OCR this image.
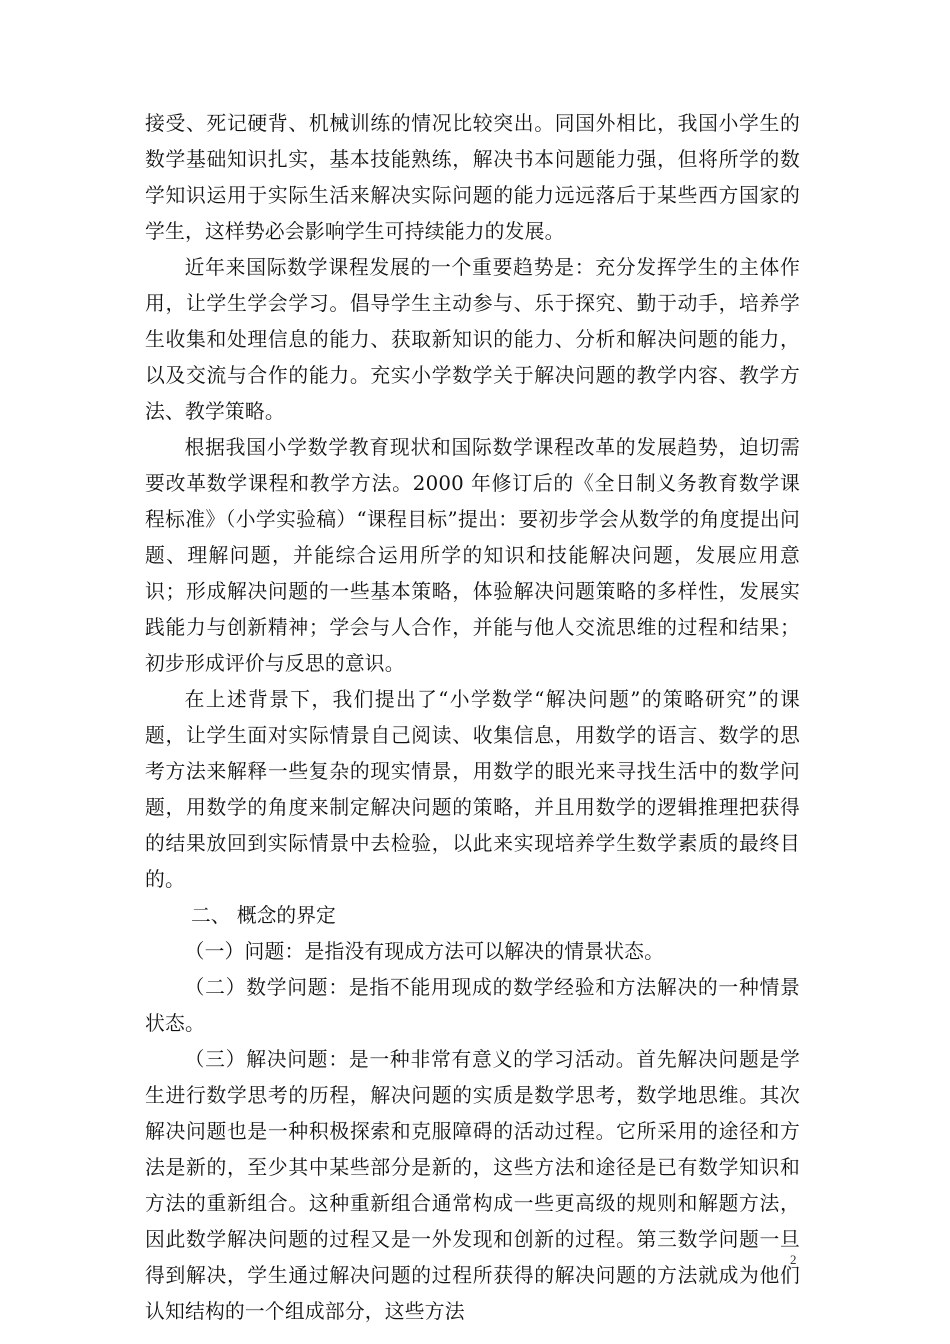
接受、死记硬背、机械训练的情况比较突出。同国外相比，我国小学生的数学基础知识扎实，基本技能熟练，解决书本问题能力强，但将所学的数学知识运用于实际生活来解决实际问题的能力远远落后于某些西方国家的学生，这样势必会影响学生可持续能力的发展。

近年来国际数学课程发展的一个重要趋势是：充分发挥学生的主体作用，让学生学会学习。倡导学生主动参与、乐于探究、勤于动手，培养学生收集和处理信息的能力、获取新知识的能力、分析和解决问题的能力，以及交流与合作的能力。充实小学数学关于解决问题的教学内容、教学方法、教学策略。

根据我国小学数学教育现状和国际数学课程改革的发展趋势，迫切需要改革数学课程和教学方法。2000 年修订后的《全日制义务教育数学课程标准》（小学实验稿）“课程目标”提出：要初步学会从数学的角度提出问题、理解问题，并能综合运用所学的知识和技能解决问题，发展应用意识；形成解决问题的一些基本策略，体验解决问题策略的多样性，发展实践能力与创新精神；学会与人合作，并能与他人交流思维的过程和结果；初步形成评价与反思的意识。

在上述背景下，我们提出了“小学数学“解决问题”的策略研究”的课题，让学生面对实际情景自己阅读、收集信息，用数学的语言、数学的思考方法来解释一些复杂的现实情景，用数学的眼光来寻找生活中的数学问题，用数学的角度来制定解决问题的策略，并且用数学的逻辑推理把获得的结果放回到实际情景中去检验，以此来实现培养学生数学素质的最终目的。

二、 概念的界定

（一）问题：是指没有现成方法可以解决的情景状态。

（二）数学问题：是指不能用现成的数学经验和方法解决的一种情景状态。

（三）解决问题：是一种非常有意义的学习活动。首先解决问题是学生进行数学思考的历程，解决问题的实质是数学思考，数学地思维。其次解决问题也是一种积极探索和克服障碍的活动过程。它所采用的途径和方法是新的，至少其中某些部分是新的，这些方法和途径是已有数学知识和方法的重新组合。这种重新组合通常构成一些更高级的规则和解题方法，因此数学解决问题的过程又是一外发现和创新的过程。第三数学问题一旦得到解决，学生通过解决问题的过程所获得的解决问题的方法就成为他们认知结构的一个组成部分，这些方法

2
